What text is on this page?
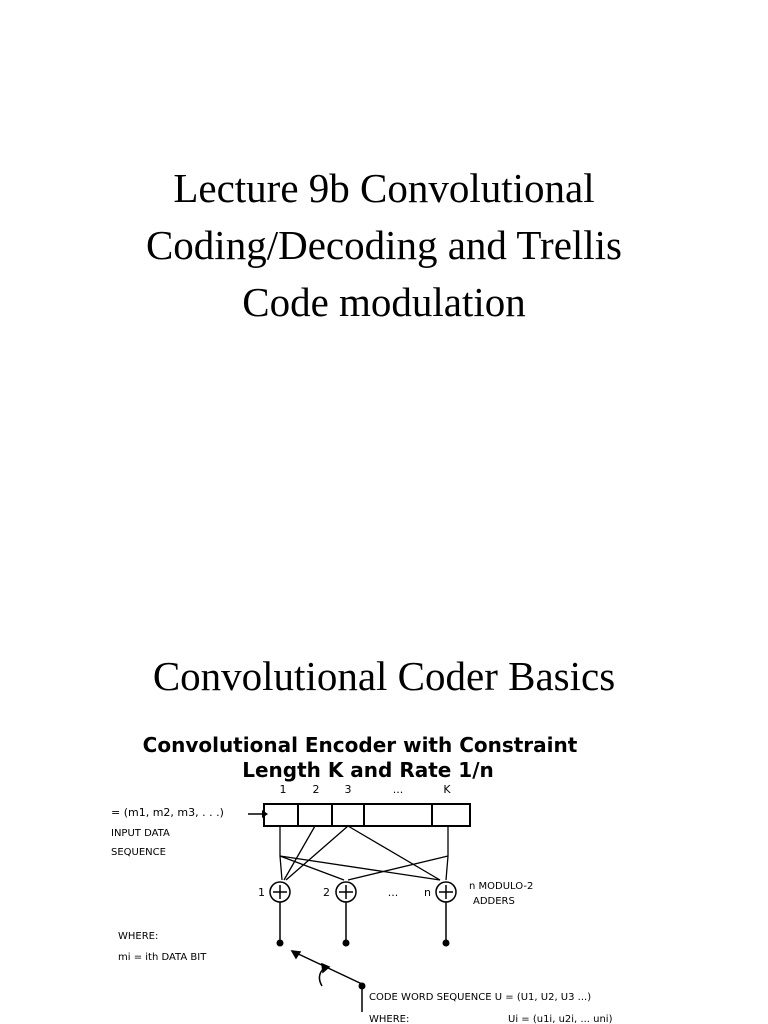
Lecture 9b Convolutional
Coding/Decoding and Trellis
Code modulation
Convolutional Coder Basics
Convolutional Encoder with Constraint
Length K and Rate 1/n
1 2 3	...	K
= (m1, m2, m3, . . .)
INPUT DATA
SEQUENCE
1	2	n
...	n MODULO-2
ADDERS
WHERE:
mi = ith DATA BIT
CODE WORD SEQUENCE U = (U1, U2, U3 ...)
WHERE:	Ui = (u1i, u2i, ... uni)
